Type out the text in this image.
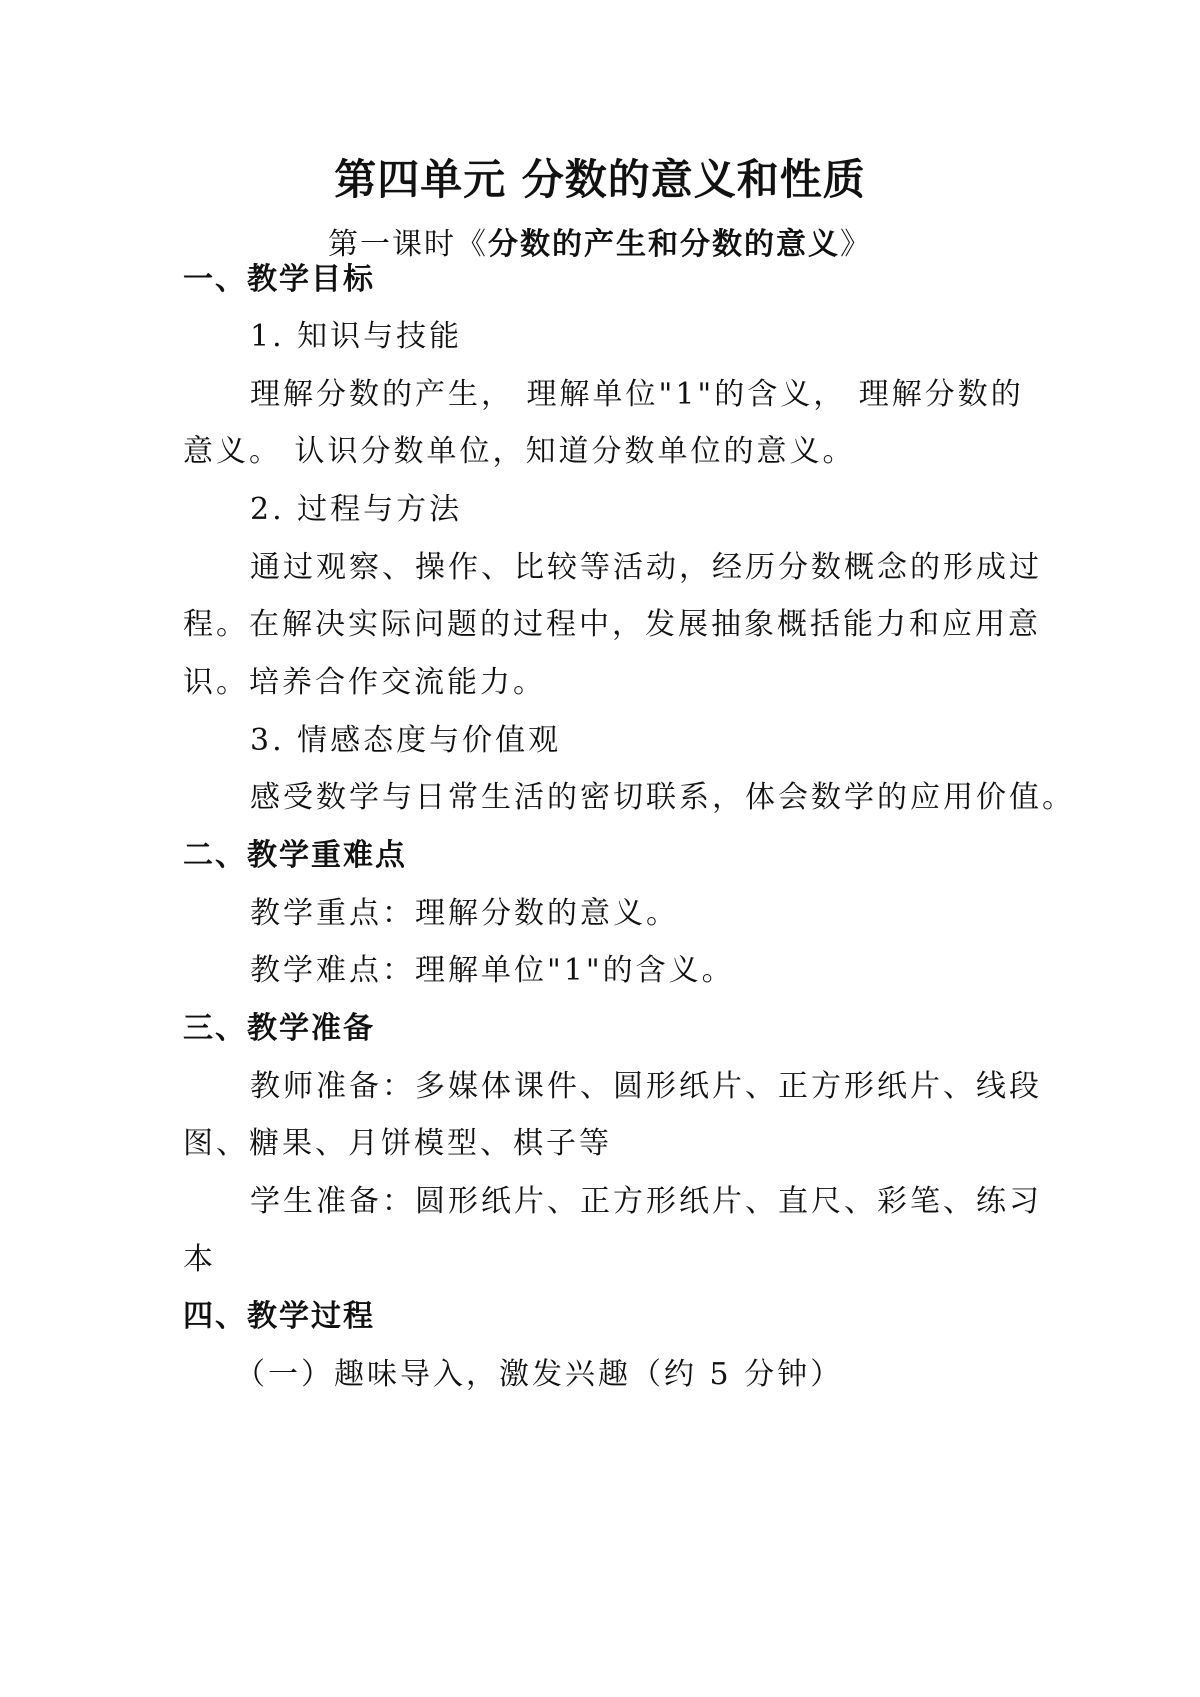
第四单元 分数的意义和性质
第一课时《分数的产生和分数的意义》
一、教学目标
1. 知识与技能
理解分数的产生， 理解单位"1"的含义， 理解分数的
意义。 认识分数单位，知道分数单位的意义。
2. 过程与方法
通过观察、操作、比较等活动，经历分数概念的形成过
程。在解决实际问题的过程中，发展抽象概括能力和应用意
识。培养合作交流能力。
3. 情感态度与价值观
感受数学与日常生活的密切联系，体会数学的应用价值。
二、教学重难点
教学重点：理解分数的意义。
教学难点：理解单位"1"的含义。
三、教学准备
教师准备：多媒体课件、圆形纸片、正方形纸片、线段
图、糖果、月饼模型、棋子等
学生准备：圆形纸片、正方形纸片、直尺、彩笔、练习
本
四、教学过程
（一）趣味导入，激发兴趣（约 5 分钟）
